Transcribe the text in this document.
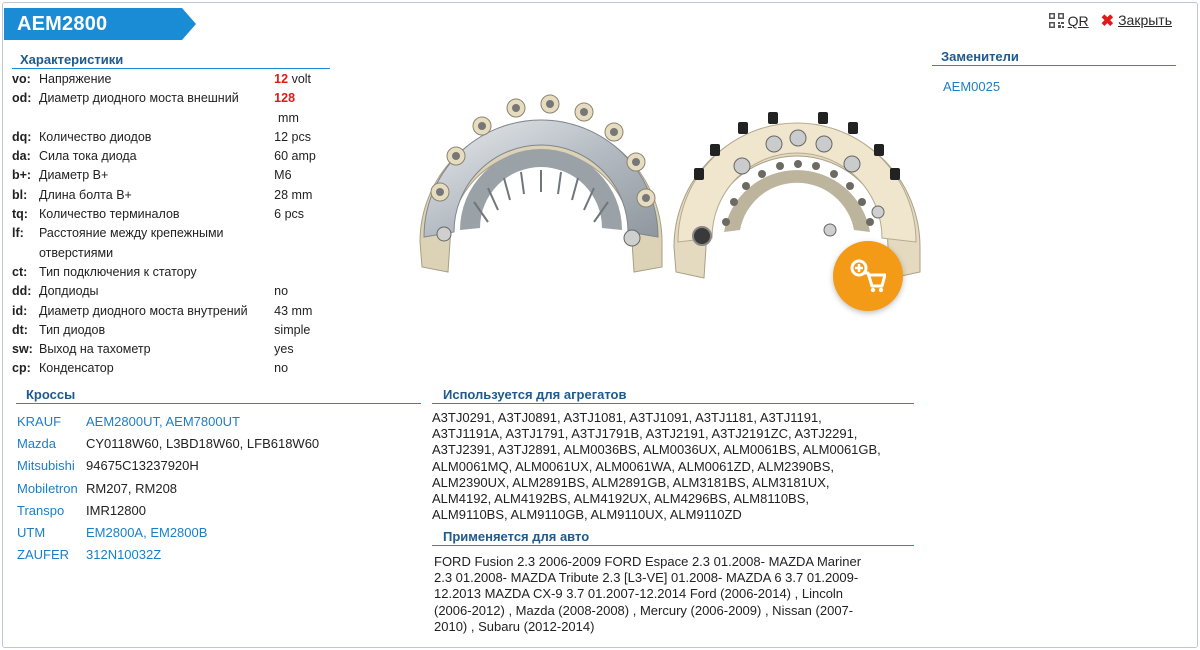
AEM2800	QR ✖ Закрыть
Характеристики
vo: Напряжение	12 volt
od: Диаметр диодного моста внешний	128
mm
dq: Количество диодов	12 pcs
da: Сила тока диода	60 amp
b+: Диаметр B+	M6
bl: Длина болта B+	28 mm
tq: Количество терминалов	6 pcs
lf:	Расстояние между крепежными отверстиями
ct: Тип подключения к статору
dd: Допдиоды	no
id: Диаметр диодного моста внутрений	43 mm
dt: Тип диодов	simple
sw: Выход на тахометр	yes
cp: Конденсатор	no
Заменители
AEM0025
Кроссы
KRAUF	AEM2800UT, AEM7800UT
Mazda	CY0118W60, L3BD18W60, LFB618W60
Mitsubishi 94675C13237920H
Mobiletron RM207, RM208
Transpo	IMR12800
UTM	EM2800A, EM2800B
ZAUFER	312N10032Z
Используется для агрегатов
A3TJ0291, A3TJ0891, A3TJ1081, A3TJ1091, A3TJ1181, A3TJ1191,
A3TJ1191A, A3TJ1791, A3TJ1791B, A3TJ2191, A3TJ2191ZC, A3TJ2291,
A3TJ2391, A3TJ2891, ALM0036BS, ALM0036UX, ALM0061BS, ALM0061GB,
ALM0061MQ, ALM0061UX, ALM0061WA, ALM0061ZD, ALM2390BS,
ALM2390UX, ALM2891BS, ALM2891GB, ALM3181BS, ALM3181UX,
ALM4192, ALM4192BS, ALM4192UX, ALM4296BS, ALM8110BS,
ALM9110BS, ALM9110GB, ALM9110UX, ALM9110ZD
Применяется для авто
FORD Fusion 2.3 2006-2009 FORD Espace 2.3 01.2008- MAZDA Mariner
2.3 01.2008- MAZDA Tribute 2.3 [L3-VE] 01.2008- MAZDA 6 3.7 01.2009-
12.2013 MAZDA CX-9 3.7 01.2007-12.2014 Ford (2006-2014) , Lincoln
(2006-2012) , Mazda (2008-2008) , Mercury (2006-2009) , Nissan (2007-
2010) , Subaru (2012-2014)
